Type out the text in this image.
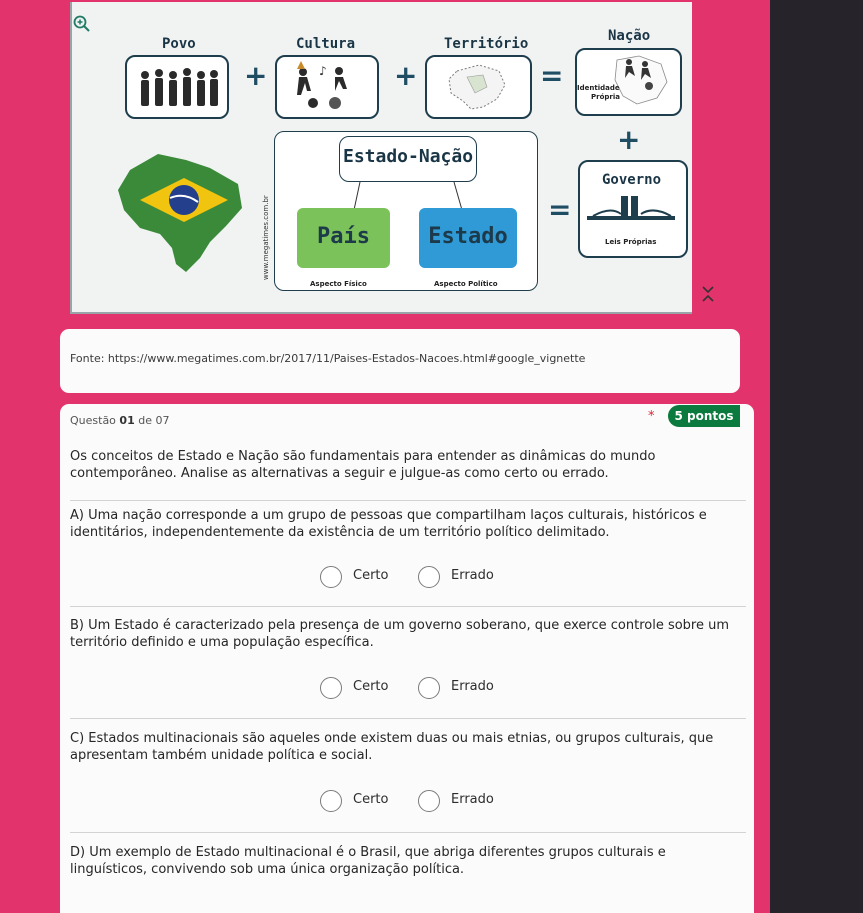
Povo
+
Cultura
♪ +
Território
=
Nação
Identidade
Própria
+
www.megatimes.com.br
Estado-Nação
País	Estado
Aspecto Físico	Aspecto Político
=
Governo
Leis Próprias
Fonte: https://www.megatimes.com.br/2017/11/Paises-Estados-Nacoes.html#google_vignette
Questão 01 de 07	*	5 pontos
Os conceitos de Estado e Nação são fundamentais para entender as dinâmicas do mundo contemporâneo. Analise as alternativas a seguir e julgue-as como certo ou errado.
A) Uma nação corresponde a um grupo de pessoas que compartilham laços culturais, históricos e identitários, independentemente da existência de um território político delimitado.
Certo	Errado
B) Um Estado é caracterizado pela presença de um governo soberano, que exerce controle sobre um território definido e uma população específica.
Certo	Errado
C) Estados multinacionais são aqueles onde existem duas ou mais etnias, ou grupos culturais, que apresentam também unidade política e social.
Certo	Errado
D) Um exemplo de Estado multinacional é o Brasil, que abriga diferentes grupos culturais e linguísticos, convivendo sob uma única organização política.
